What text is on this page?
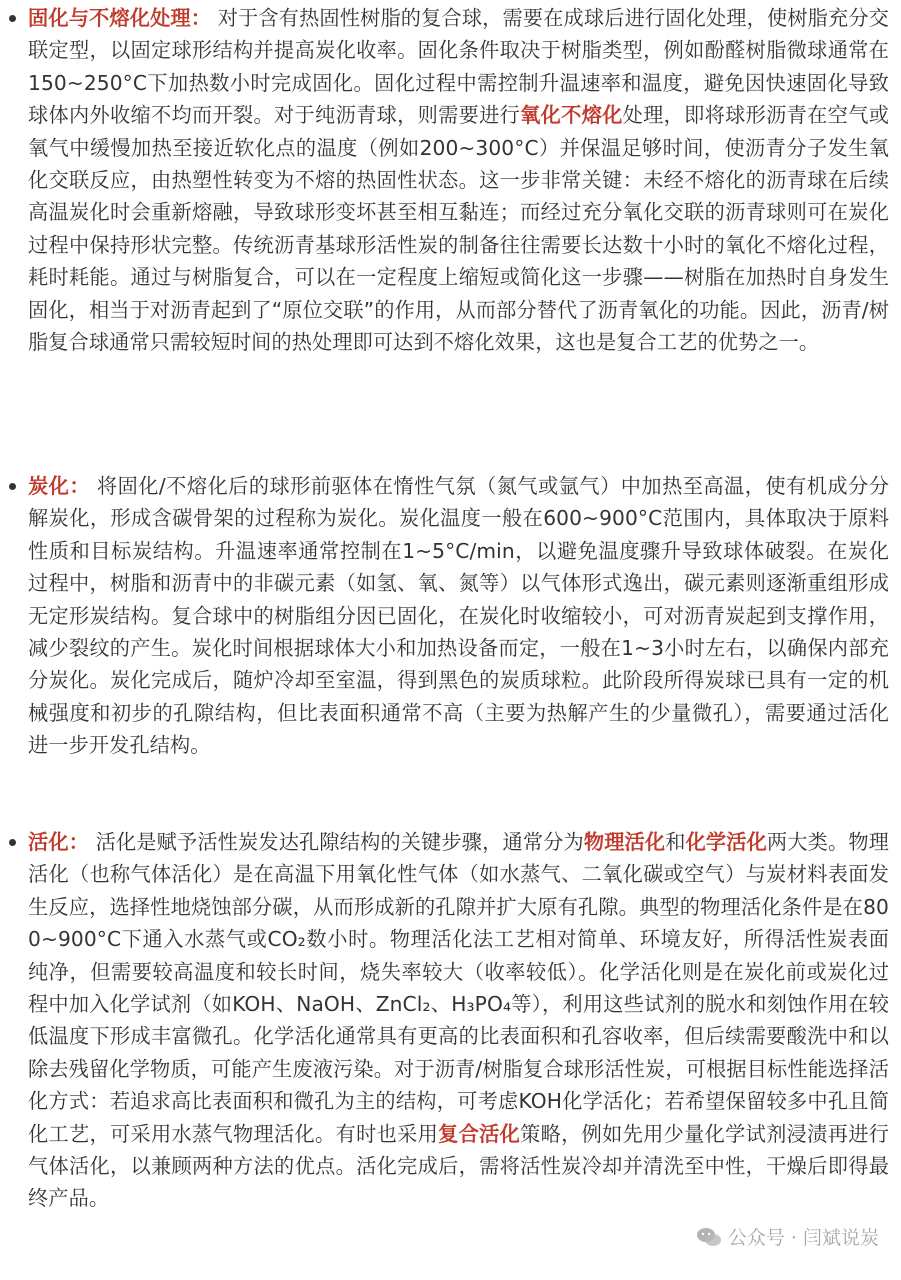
固化与不熔化处理： 对于含有热固性树脂的复合球，需要在成球后进行固化处理，使树脂充分交联定型，以固定球形结构并提高炭化收率。固化条件取决于树脂类型，例如酚醛树脂微球通常在150~250°C下加热数小时完成固化。固化过程中需控制升温速率和温度，避免因快速固化导致球体内外收缩不均而开裂。对于纯沥青球，则需要进行氧化不熔化处理，即将球形沥青在空气或氧气中缓慢加热至接近软化点的温度（例如200~300°C）并保温足够时间，使沥青分子发生氧化交联反应，由热塑性转变为不熔的热固性状态。这一步非常关键：未经不熔化的沥青球在后续高温炭化时会重新熔融，导致球形变坏甚至相互黏连；而经过充分氧化交联的沥青球则可在炭化过程中保持形状完整。传统沥青基球形活性炭的制备往往需要长达数十小时的氧化不熔化过程，耗时耗能。通过与树脂复合，可以在一定程度上缩短或简化这一步骤——树脂在加热时自身发生固化，相当于对沥青起到了“原位交联”的作用，从而部分替代了沥青氧化的功能。因此，沥青/树脂复合球通常只需较短时间的热处理即可达到不熔化效果，这也是复合工艺的优势之一。

炭化： 将固化/不熔化后的球形前驱体在惰性气氛（氮气或氩气）中加热至高温，使有机成分分解炭化，形成含碳骨架的过程称为炭化。炭化温度一般在600~900°C范围内，具体取决于原料性质和目标炭结构。升温速率通常控制在1~5°C/min，以避免温度骤升导致球体破裂。在炭化过程中，树脂和沥青中的非碳元素（如氢、氧、氮等）以气体形式逸出，碳元素则逐渐重组形成无定形炭结构。复合球中的树脂组分因已固化，在炭化时收缩较小，可对沥青炭起到支撑作用，减少裂纹的产生。炭化时间根据球体大小和加热设备而定，一般在1~3小时左右，以确保内部充分炭化。炭化完成后，随炉冷却至室温，得到黑色的炭质球粒。此阶段所得炭球已具有一定的机械强度和初步的孔隙结构，但比表面积通常不高（主要为热解产生的少量微孔），需要通过活化进一步开发孔结构。

活化： 活化是赋予活性炭发达孔隙结构的关键步骤，通常分为物理活化和化学活化两大类。物理活化（也称气体活化）是在高温下用氧化性气体（如水蒸气、二氧化碳或空气）与炭材料表面发生反应，选择性地烧蚀部分碳，从而形成新的孔隙并扩大原有孔隙。典型的物理活化条件是在800~900°C下通入水蒸气或CO₂数小时。物理活化法工艺相对简单、环境友好，所得活性炭表面纯净，但需要较高温度和较长时间，烧失率较大（收率较低）。化学活化则是在炭化前或炭化过程中加入化学试剂（如KOH、NaOH、ZnCl₂、H₃PO₄等），利用这些试剂的脱水和刻蚀作用在较低温度下形成丰富微孔。化学活化通常具有更高的比表面积和孔容收率，但后续需要酸洗中和以除去残留化学物质，可能产生废液污染。对于沥青/树脂复合球形活性炭，可根据目标性能选择活化方式：若追求高比表面积和微孔为主的结构，可考虑KOH化学活化；若希望保留较多中孔且简化工艺，可采用水蒸气物理活化。有时也采用复合活化策略，例如先用少量化学试剂浸渍再进行气体活化，以兼顾两种方法的优点。活化完成后，需将活性炭冷却并清洗至中性，干燥后即得最终产品。

公众号 · 闫斌说炭
